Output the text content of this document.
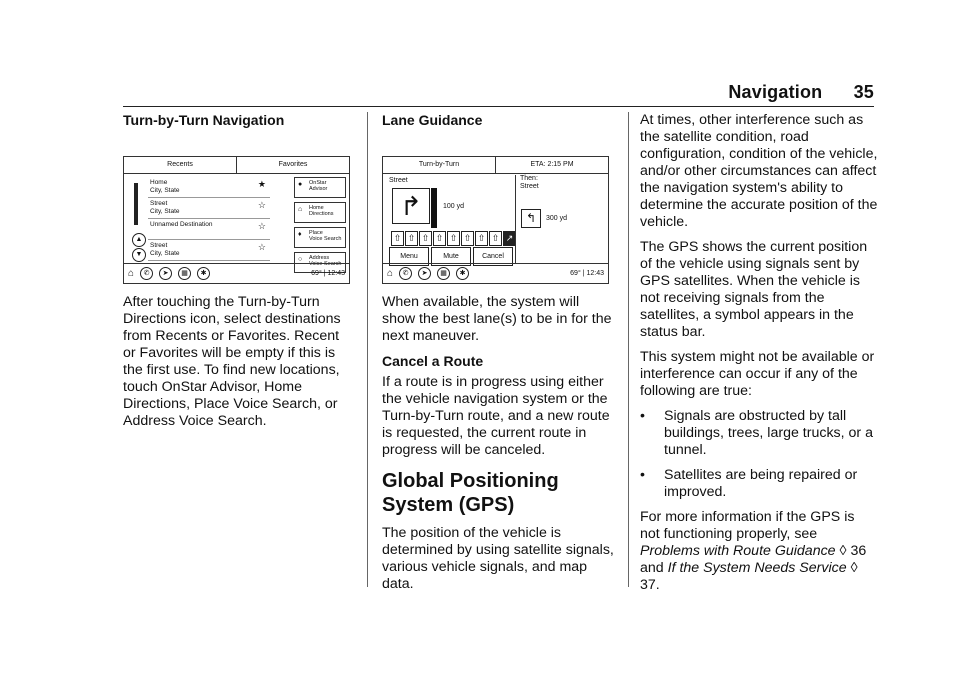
Navigation 35
Turn-by-Turn Navigation
Recents	Favorites
▲
▼
Home
City, State
★
Street
City, State
☆
Unnamed Destination	☆
Street
City, State
☆
● OnStar
Advisor
⌂ Home
Directions
♦ Place
Voice Search
○ Address
Voice Search
⌂	✆	➤	▦	✱	69° | 12:43

After touching the Turn-by-Turn Directions icon, select destinations from Recents or Favorites. Recent or Favorites will be empty if this is the first use. To find new locations, touch OnStar Advisor, Home Directions, Place Voice Search, or Address Voice Search.

Lane Guidance
Turn-by-Turn	ETA: 2:15 PM
Street
↱	100 yd
⇧ ⇧ ⇧ ⇧ ⇧ ⇧ ⇧ ⇧ ↗
Menu	Mute	Cancel
Then:
Street
↰	300 yd
⌂	✆	➤	▦	✱	69° | 12:43

When available, the system will show the best lane(s) to be in for the next maneuver.

Cancel a Route

If a route is in progress using either the vehicle navigation system or the Turn-by-Turn route, and a new route is requested, the current route in progress will be canceled.

Global Positioning System (GPS)

The position of the vehicle is determined by using satellite signals, various vehicle signals, and map data.

At times, other interference such as the satellite condition, road configuration, condition of the vehicle, and/or other circumstances can affect the navigation system's ability to determine the accurate position of the vehicle.

The GPS shows the current position of the vehicle using signals sent by GPS satellites. When the vehicle is not receiving signals from the satellites, a symbol appears in the status bar.

This system might not be available or interference can occur if any of the following are true:

•	Signals are obstructed by tall buildings, trees, large trucks, or a tunnel.
•	Satellites are being repaired or improved.

For more information if the GPS is not functioning properly, see Problems with Route Guidance ◊ 36 and If the System Needs Service ◊ 37.
